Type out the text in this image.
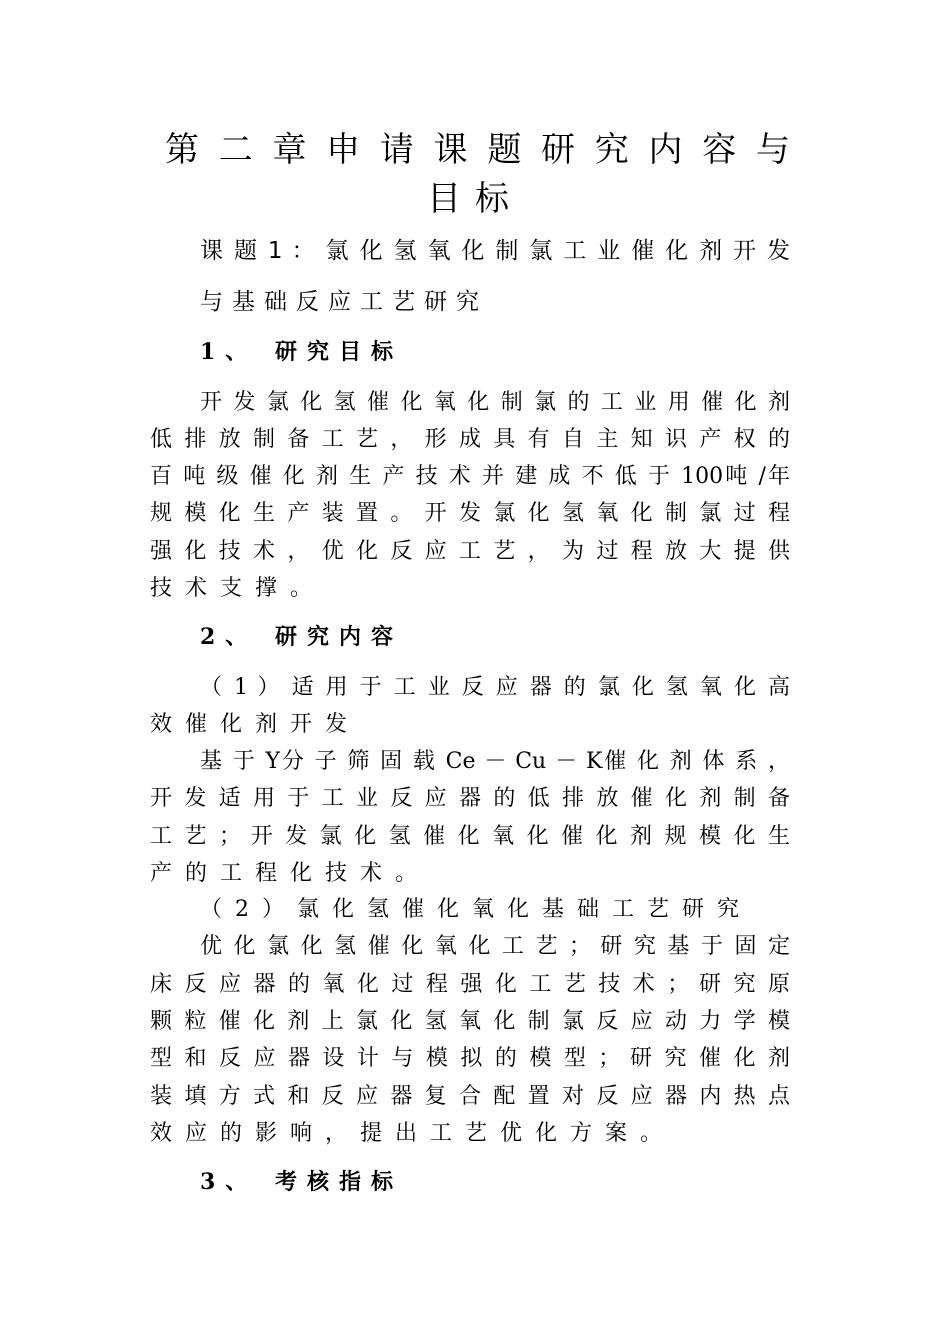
第 二 章 申 请 课 题 研 究 内 容 与
目标
课 题 1 ： 氯 化 氢 氧 化 制 氯 工 业 催 化 剂 开 发
与基础反应工艺研究
1、 研究目标
开 发 氯 化 氢 催 化 氧 化 制 氯 的 工 业 用 催 化 剂
低 排 放 制 备 工 艺 ， 形 成 具 有 自 主 知 识 产 权 的
百 吨 级 催 化 剂 生 产 技 术 并 建 成 不 低 于 100吨 /年
规 模 化 生 产 装 置 。 开 发 氯 化 氢 氧 化 制 氯 过 程
强 化 技 术 ， 优 化 反 应 工 艺 ， 为 过 程 放 大 提 供
技术支撑。
2、 研究内容
（ 1 ） 适 用 于 工 业 反 应 器 的 氯 化 氢 氧 化 高
效催化剂开发
基 于 Y分 子 筛 固 载 Ce － Cu － K催 化 剂 体 系 ，
开 发 适 用 于 工 业 反 应 器 的 低 排 放 催 化 剂 制 备
工 艺 ； 开 发 氯 化 氢 催 化 氧 化 催 化 剂 规 模 化 生
产的工程化技术。
（2）氯化氢催化氧化基础工艺研究
优 化 氯 化 氢 催 化 氧 化 工 艺 ； 研 究 基 于 固 定
床 反 应 器 的 氧 化 过 程 强 化 工 艺 技 术 ； 研 究 原
颗 粒 催 化 剂 上 氯 化 氢 氧 化 制 氯 反 应 动 力 学 模
型 和 反 应 器 设 计 与 模 拟 的 模 型 ； 研 究 催 化 剂
装 填 方 式 和 反 应 器 复 合 配 置 对 反 应 器 内 热 点
效应的影响，提出工艺优化方案。
3、 考核指标
